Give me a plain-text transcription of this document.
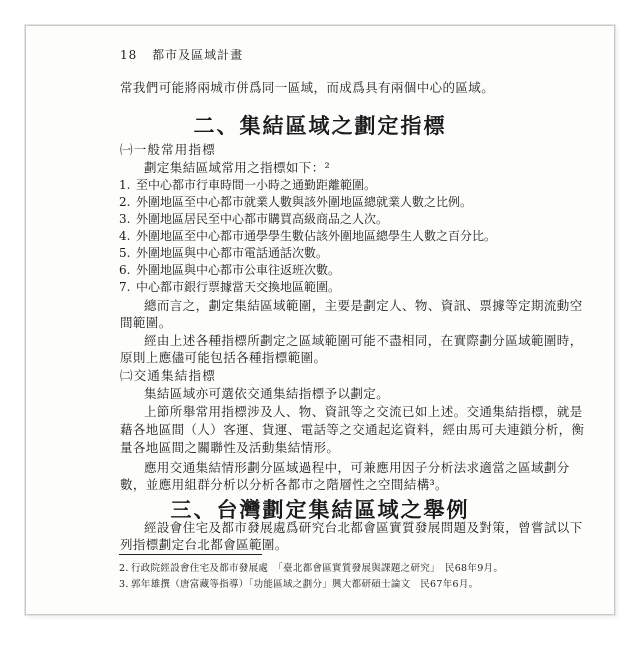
18 都市及區域計畫
常我們可能將兩城市併爲同一區域，而成爲具有兩個中心的區域。
二、集結區域之劃定指標
㈠一般常用指標
劃定集結區域常用之指標如下：²
1. 至中心都市行車時間一小時之通勤距離範圍。
2. 外圍地區至中心都市就業人數與該外圍地區總就業人數之比例。
3. 外圍地區居民至中心都市購買高級商品之人次。
4. 外圍地區至中心都市通學學生數佔該外圍地區總學生人數之百分比。
5. 外圍地區與中心都市電話通話次數。
6. 外圍地區與中心都市公車往返班次數。
7. 中心都市銀行票據當天交換地區範圍。
總而言之，劃定集結區域範圍，主要是劃定人、物、資訊、票據等定期流動空
間範圍。
經由上述各種指標所劃定之區域範圍可能不盡相同，在實際劃分區域範圍時，
原則上應儘可能包括各種指標範圍。
㈡交通集結指標
集結區域亦可選依交通集結指標予以劃定。
上節所舉常用指標涉及人、物、資訊等之交流已如上述。交通集結指標，就是
藉各地區間（人）客運、貨運、電話等之交通起迄資料，經由馬可夫連鎖分析，衡
量各地區間之關聯性及活動集結情形。
應用交通集結情形劃分區域過程中，可兼應用因子分析法求適當之區域劃分
數，並應用組群分析以分析各都市之階層性之空間結構³。
2. 行政院經設會住宅及都市發展處　「臺北都會區實質發展與課題之研究」　民68年9月。
3. 郭年雄撰（唐富藏等指導）「功能區域之劃分」興大都研碩士論文　民67年6月。
三、台灣劃定集結區域之舉例
經設會住宅及都市發展處爲研究台北都會區實質發展問題及對策，曾嘗試以下
列指標劃定台北都會區範圍。
